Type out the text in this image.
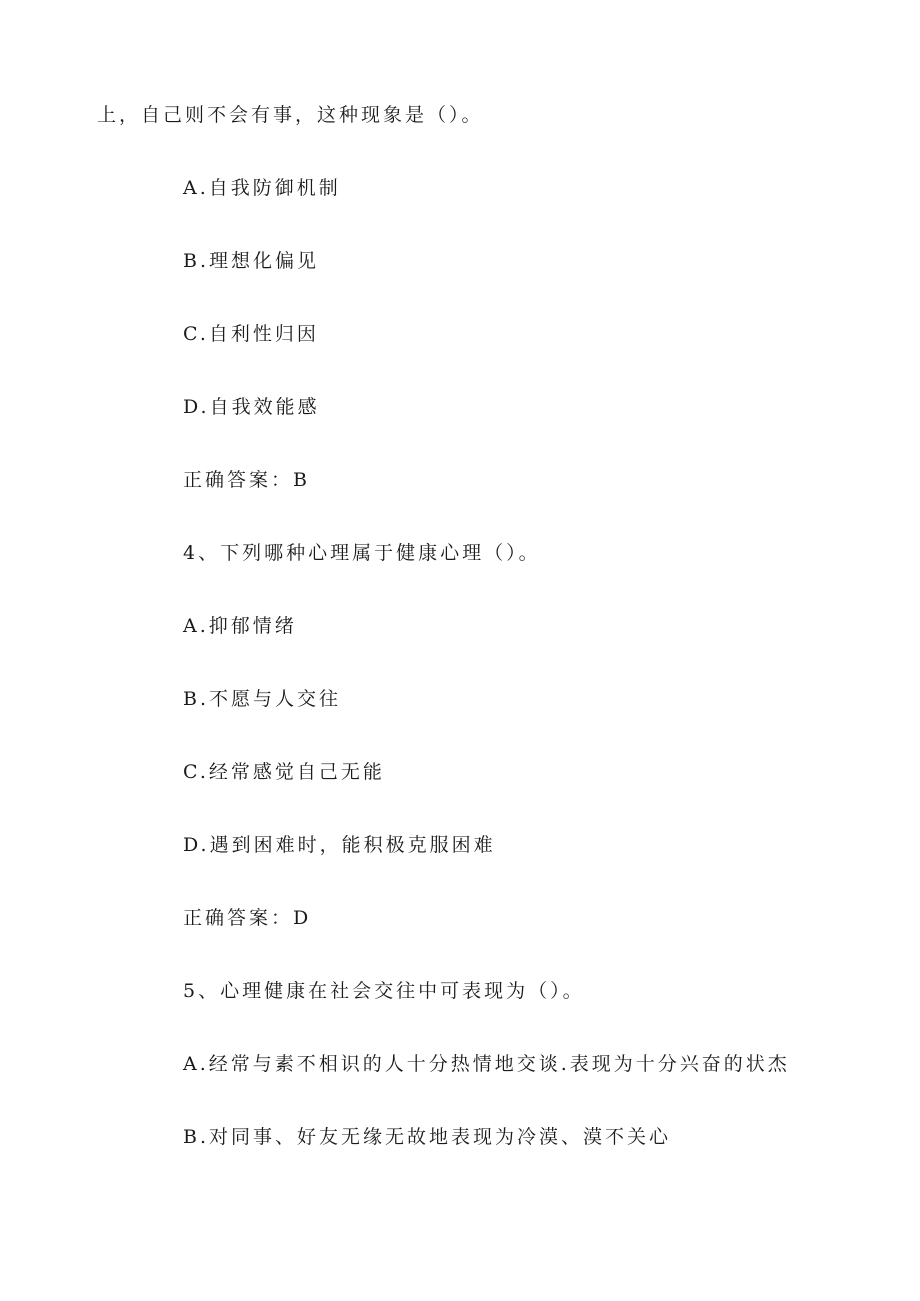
上，自己则不会有事，这种现象是（）。
A.自我防御机制
B.理想化偏见
C.自利性归因
D.自我效能感
正确答案：B
4、下列哪种心理属于健康心理（）。
A.抑郁情绪
B.不愿与人交往
C.经常感觉自己无能
D.遇到困难时，能积极克服困难
正确答案：D
5、心理健康在社会交往中可表现为（）。
A.经常与素不相识的人十分热情地交谈.表现为十分兴奋的状杰
B.对同事、好友无缘无故地表现为冷漠、漠不关心
